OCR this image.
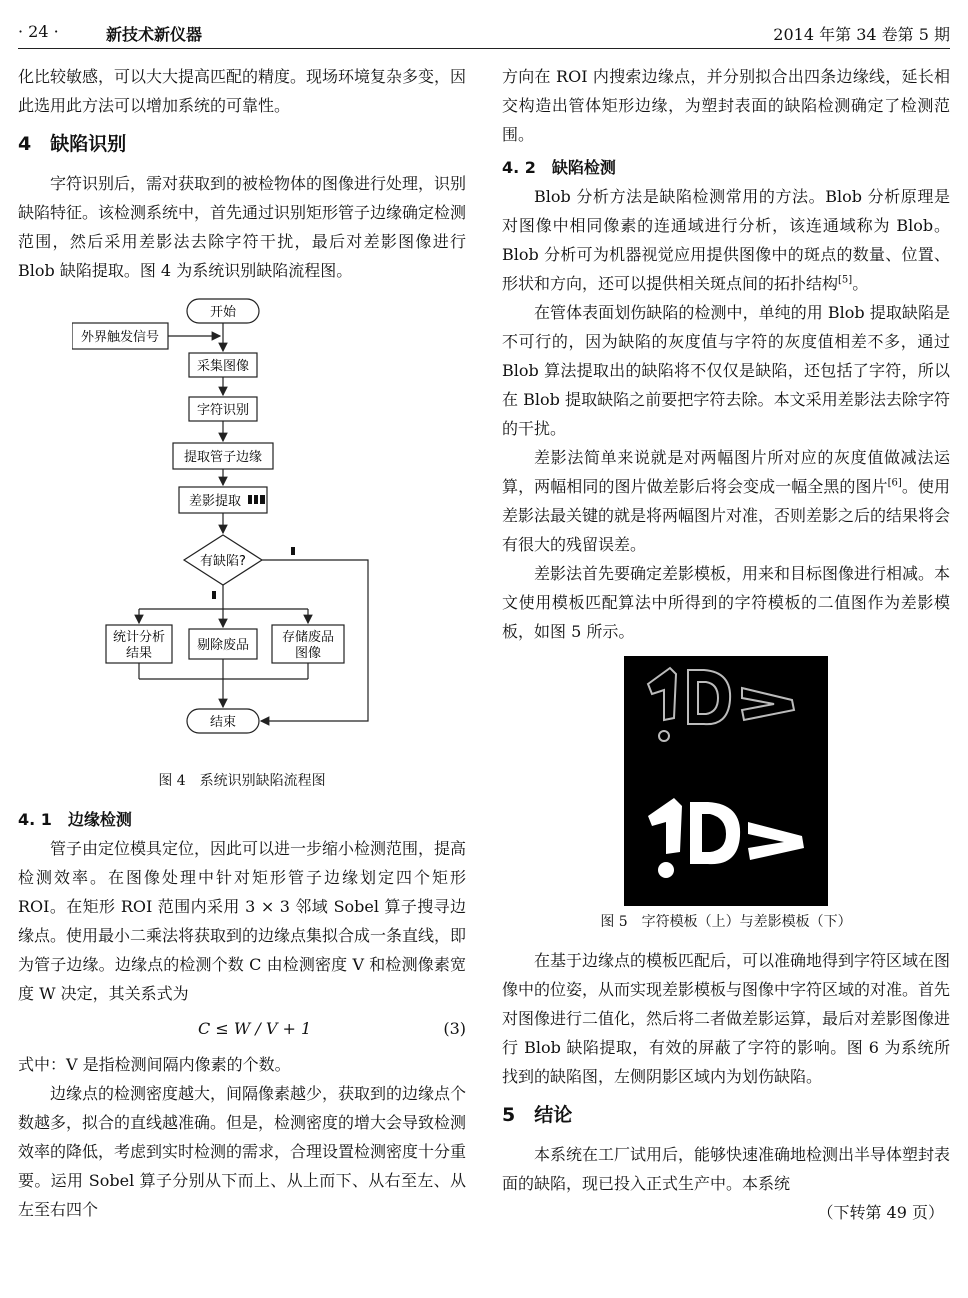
· 24 ·	新技术新仪器	2014 年第 34 卷第 5 期

化比较敏感，可以大大提高匹配的精度。现场环境复杂多变，因此选用此方法可以增加系统的可靠性。

4　缺陷识别

字符识别后，需对获取到的被检物体的图像进行处理，识别缺陷特征。该检测系统中，首先通过识别矩形管子边缘确定检测范围，然后采用差影法去除字符干扰，最后对差影图像进行 Blob 缺陷提取。图 4 为系统识别缺陷流程图。

开始
外界触发信号
采集图像
字符识别
提取管子边缘
差影提取
有缺陷?
统计分析结果
剔除废品
存储废品图像
结束
图 4　系统识别缺陷流程图
4. 1　边缘检测

管子由定位模具定位，因此可以进一步缩小检测范围，提高检测效率。在图像处理中针对矩形管子边缘划定四个矩形 ROI。在矩形 ROI 范围内采用 3 × 3 邻域 Sobel 算子搜寻边缘点。使用最小二乘法将获取到的边缘点集拟合成一条直线，即为管子边缘。边缘点的检测个数 C 由检测密度 V 和检测像素宽度 W 决定，其关系式为

C ≤ W / V + 1	(3)

式中：V 是指检测间隔内像素的个数。

边缘点的检测密度越大，间隔像素越少，获取到的边缘点个数越多，拟合的直线越准确。但是，检测密度的增大会导致检测效率的降低，考虑到实时检测的需求，合理设置检测密度十分重要。运用 Sobel 算子分别从下而上、从上而下、从右至左、从左至右四个

方向在 ROI 内搜索边缘点，并分别拟合出四条边缘线，延长相交构造出管体矩形边缘，为塑封表面的缺陷检测确定了检测范围。

4. 2　缺陷检测

Blob 分析方法是缺陷检测常用的方法。Blob 分析原理是对图像中相同像素的连通域进行分析，该连通域称为 Blob。Blob 分析可为机器视觉应用提供图像中的斑点的数量、位置、形状和方向，还可以提供相关斑点间的拓扑结构[5]。

在管体表面划伤缺陷的检测中，单纯的用 Blob 提取缺陷是不可行的，因为缺陷的灰度值与字符的灰度值相差不多，通过 Blob 算法提取出的缺陷将不仅仅是缺陷，还包括了字符，所以在 Blob 提取缺陷之前要把字符去除。本文采用差影法去除字符的干扰。

差影法简单来说就是对两幅图片所对应的灰度值做减法运算，两幅相同的图片做差影后将会变成一幅全黑的图片[6]。使用差影法最关键的就是将两幅图片对准，否则差影之后的结果将会有很大的残留误差。

差影法首先要确定差影模板，用来和目标图像进行相减。本文使用模板匹配算法中所得到的字符模板的二值图作为差影模板，如图 5 所示。

图 5　字符模板（上）与差影模板（下）

在基于边缘点的模板匹配后，可以准确地得到字符区域在图像中的位姿，从而实现差影模板与图像中字符区域的对准。首先对图像进行二值化，然后将二者做差影运算，最后对差影图像进行 Blob 缺陷提取，有效的屏蔽了字符的影响。图 6 为系统所找到的缺陷图，左侧阴影区域内为划伤缺陷。

5　结论

本系统在工厂试用后，能够快速准确地检测出半导体塑封表面的缺陷，现已投入正式生产中。本系统

（下转第 49 页）
